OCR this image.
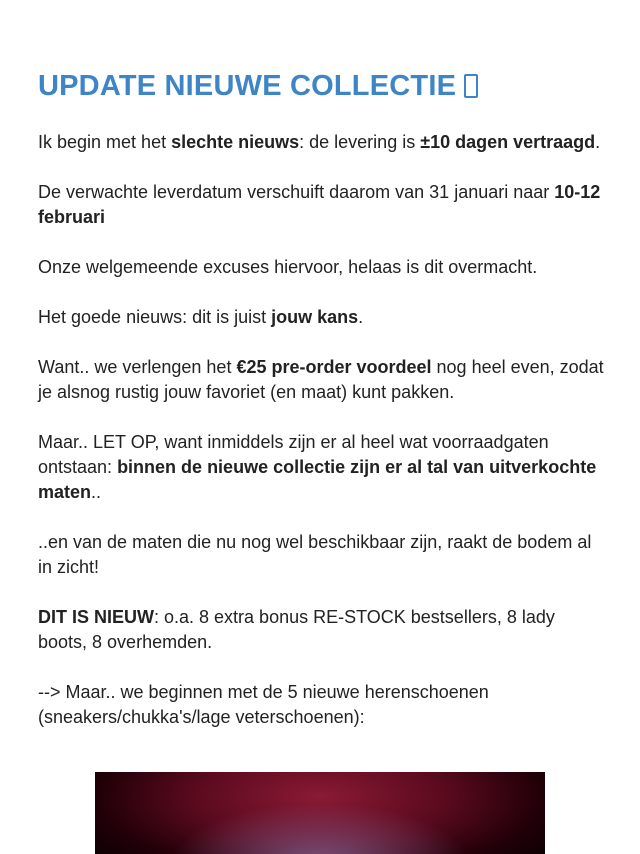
UPDATE NIEUWE COLLECTIE

Ik begin met het slechte nieuws: de levering is ±10 dagen vertraagd.

De verwachte leverdatum verschuift daarom van 31 januari naar 10-12 februari

Onze welgemeende excuses hiervoor, helaas is dit overmacht.

Het goede nieuws: dit is juist jouw kans.

Want.. we verlengen het €25 pre-order voordeel nog heel even, zodat je alsnog rustig jouw favoriet (en maat) kunt pakken.

Maar.. LET OP, want inmiddels zijn er al heel wat voorraadgaten ontstaan: binnen de nieuwe collectie zijn er al tal van uitverkochte maten..

..en van de maten die nu nog wel beschikbaar zijn, raakt de bodem al in zicht!

DIT IS NIEUW: o.a. 8 extra bonus RE-STOCK bestsellers, 8 lady boots, 8 overhemden.

--> Maar.. we beginnen met de 5 nieuwe herenschoenen (sneakers/chukka's/lage veterschoenen):
